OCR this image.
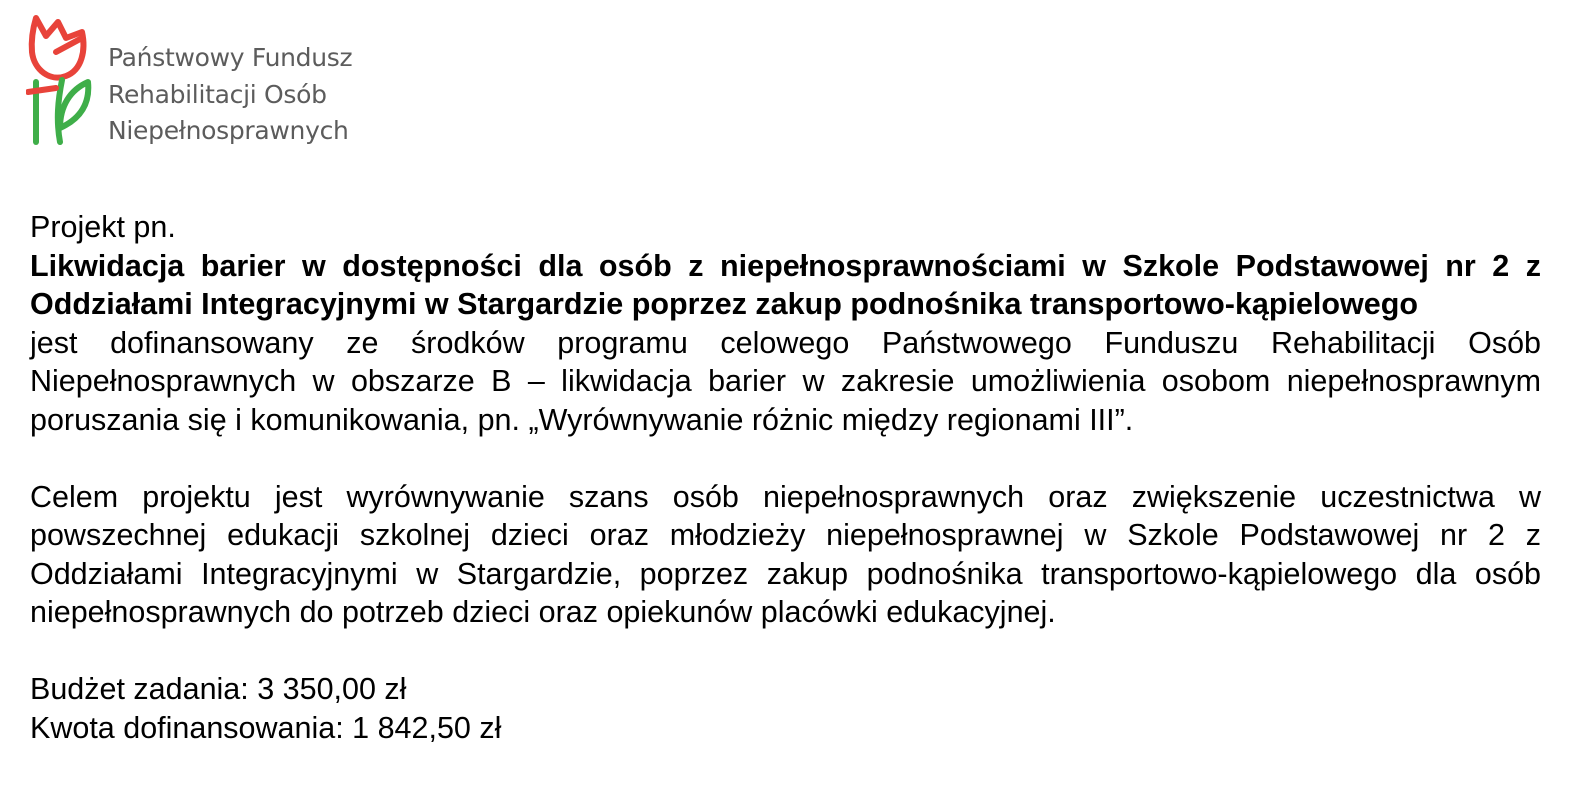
Państwowy Fundusz
Rehabilitacji Osób
Niepełnosprawnych

Projekt pn.

Likwidacja barier w dostępności dla osób z niepełnosprawnościami w Szkole Podstawowej nr 2 z Oddziałami Integracyjnymi w Stargardzie poprzez zakup podnośnika transportowo-kąpielowego

jest dofinansowany ze środków programu celowego Państwowego Funduszu Rehabilitacji Osób Niepełnosprawnych w obszarze B – likwidacja barier w zakresie umożliwienia osobom niepełnosprawnym poruszania się i komunikowania, pn. „Wyrównywanie różnic między regionami III”.

Celem projektu jest wyrównywanie szans osób niepełnosprawnych oraz zwiększenie uczestnictwa w powszechnej edukacji szkolnej dzieci oraz młodzieży niepełnosprawnej w Szkole Podstawowej nr 2 z Oddziałami Integracyjnymi w Stargardzie, poprzez zakup podnośnika transportowo-kąpielowego dla osób niepełnosprawnych do potrzeb dzieci oraz opiekunów placówki edukacyjnej.

Budżet zadania: 3 350,00 zł
Kwota dofinansowania: 1 842,50 zł
